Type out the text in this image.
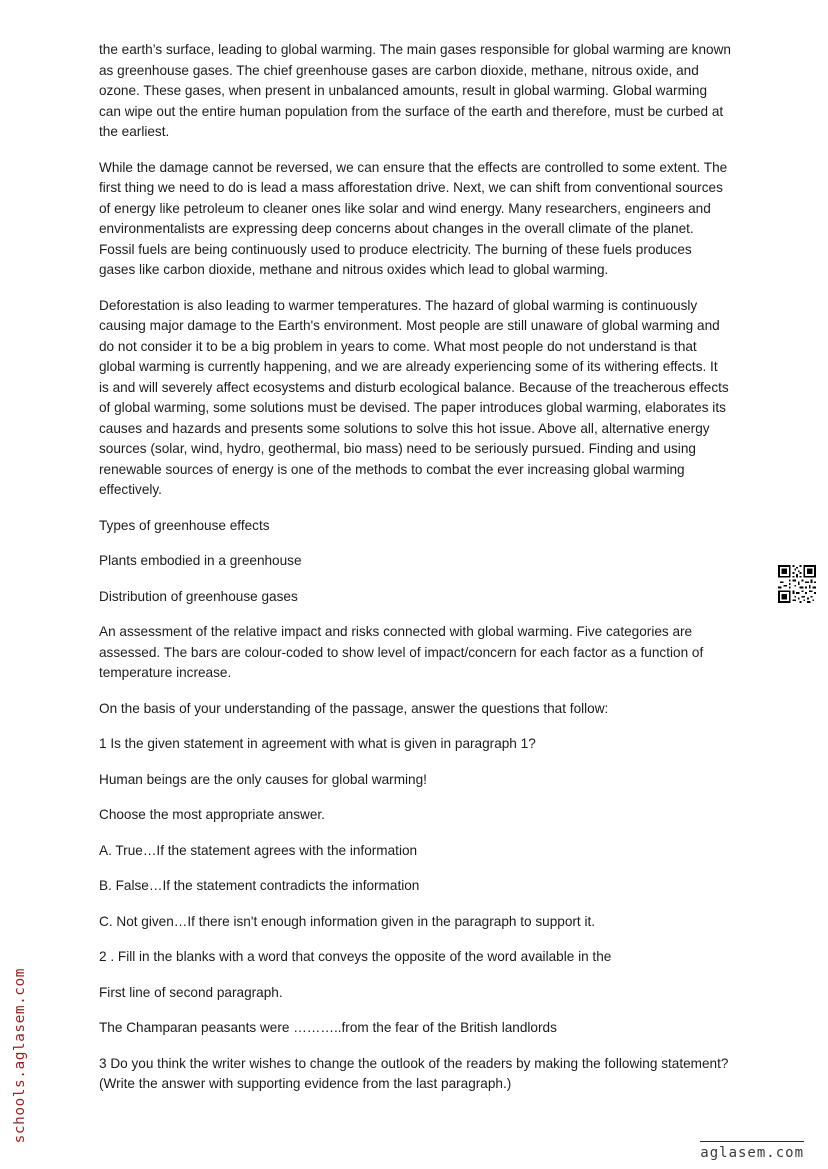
the earth’s surface, leading to global warming. The main gases responsible for global warming are known as greenhouse gases. The chief greenhouse gases are carbon dioxide, methane, nitrous oxide, and ozone. These gases, when present in unbalanced amounts, result in global warming. Global warming can wipe out the entire human population from the surface of the earth and therefore, must be curbed at the earliest.

While the damage cannot be reversed, we can ensure that the effects are controlled to some extent. The first thing we need to do is lead a mass afforestation drive. Next, we can shift from conventional sources of energy like petroleum to cleaner ones like solar and wind energy. Many researchers, engineers and environmentalists are expressing deep concerns about changes in the overall climate of the planet. Fossil fuels are being continuously used to produce electricity. The burning of these fuels produces gases like carbon dioxide, methane and nitrous oxides which lead to global warming.

Deforestation is also leading to warmer temperatures. The hazard of global warming is continuously causing major damage to the Earth's environment. Most people are still unaware of global warming and do not consider it to be a big problem in years to come. What most people do not understand is that global warming is currently happening, and we are already experiencing some of its withering effects. It is and will severely affect ecosystems and disturb ecological balance. Because of the treacherous effects of global warming, some solutions must be devised. The paper introduces global warming, elaborates its causes and hazards and presents some solutions to solve this hot issue. Above all, alternative energy sources (solar, wind, hydro, geothermal, bio mass) need to be seriously pursued. Finding and using renewable sources of energy is one of the methods to combat the ever increasing global warming effectively.

Types of greenhouse effects

Plants embodied in a greenhouse

Distribution of greenhouse gases

An assessment of the relative impact and risks connected with global warming. Five categories are assessed. The bars are colour-coded to show level of impact/concern for each factor as a function of temperature increase.

On the basis of your understanding of the passage, answer the questions that follow:

1 Is the given statement in agreement with what is given in paragraph 1?

Human beings are the only causes for global warming!

Choose the most appropriate answer.

A. True…If the statement agrees with the information

B. False…If the statement contradicts the information

C. Not given…If there isn't enough information given in the paragraph to support it.

2 . Fill in the blanks with a word that conveys the opposite of the word available in the

First line of second paragraph.

The Champaran peasants were ………..from the fear of the British landlords

3 Do you think the writer wishes to change the outlook of the readers by making the following statement? (Write the answer with supporting evidence from the last paragraph.)

schools.aglasem.com
aglasem.com
